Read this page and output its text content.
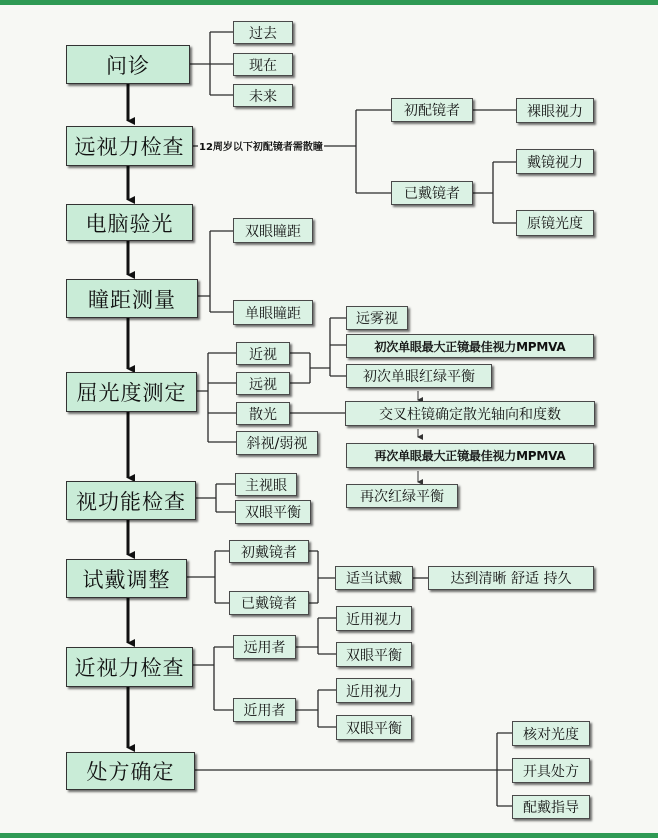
问诊
远视力检查
电脑验光
瞳距测量
屈光度测定
视功能检查
试戴调整
近视力检查
处方确定
过去
现在
未来
12周岁以下初配镜者需散瞳
初配镜者	裸眼视力
已戴镜者
戴镜视力
原镜光度
双眼瞳距
单眼瞳距
近视
远视
散光
斜视/弱视
远雾视
初次单眼最大正镜最佳视力MPMVA
初次单眼红绿平衡
交叉柱镜确定散光轴向和度数
再次单眼最大正镜最佳视力MPMVA
再次红绿平衡
主视眼
双眼平衡
初戴镜者
已戴镜者
适当试戴	达到清晰 舒适 持久
远用者
近用者
近用视力
双眼平衡
近用视力
双眼平衡	核对光度
开具处方
配戴指导
